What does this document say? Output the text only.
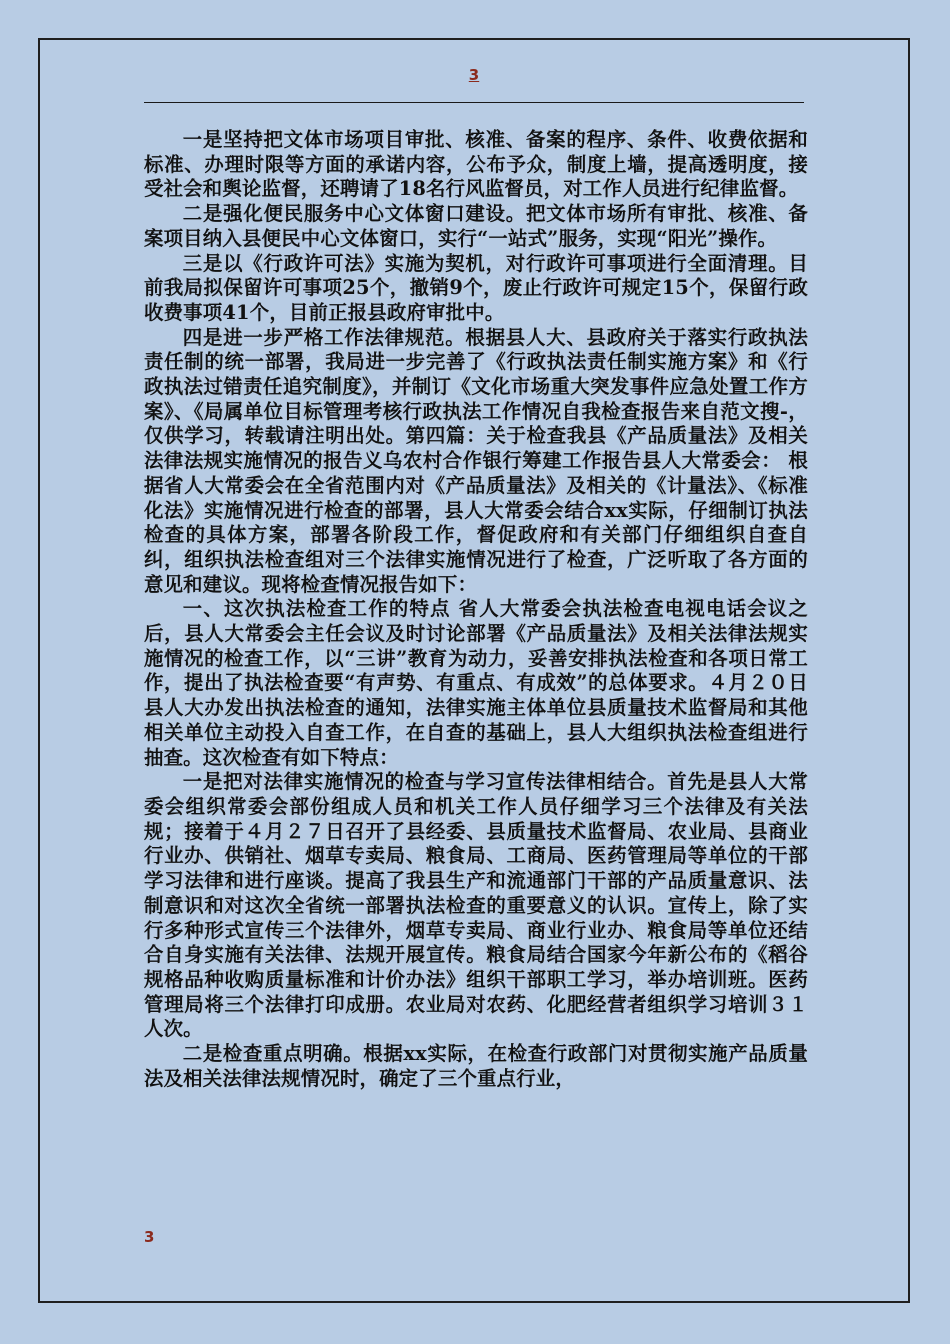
3

一是坚持把文体市场项目审批、核准、备案的程序、条件、收费依据和标准、办理时限等方面的承诺内容，公布予众，制度上墙，提高透明度，接受社会和舆论监督，还聘请了18名行风监督员，对工作人员进行纪律监督。

二是强化便民服务中心文体窗口建设。把文体市场所有审批、核准、备案项目纳入县便民中心文体窗口，实行“一站式”服务，实现“阳光”操作。

三是以《行政许可法》实施为契机，对行政许可事项进行全面清理。目前我局拟保留许可事项25个，撤销9个，废止行政许可规定15个，保留行政收费事项41个，目前正报县政府审批中。

四是进一步严格工作法律规范。根据县人大、县政府关于落实行政执法责任制的统一部署，我局进一步完善了《行政执法责任制实施方案》和《行政执法过错责任追究制度》，并制订《文化市场重大突发事件应急处置工作方案》、《局属单位目标管理考核行政执法工作情况自我检查报告来自范文搜-，仅供学习，转载请注明出处。第四篇：关于检查我县《产品质量法》及相关法律法规实施情况的报告义乌农村合作银行筹建工作报告县人大常委会： 根据省人大常委会在全省范围内对《产品质量法》及相关的《计量法》、《标准化法》实施情况进行检查的部署，县人大常委会结合xx实际，仔细制订执法检查的具体方案，部署各阶段工作，督促政府和有关部门仔细组织自查自纠，组织执法检查组对三个法律实施情况进行了检查，广泛听取了各方面的意见和建议。现将检查情况报告如下：

一、这次执法检查工作的特点 省人大常委会执法检查电视电话会议之后，县人大常委会主任会议及时讨论部署《产品质量法》及相关法律法规实施情况的检查工作，以“三讲”教育为动力，妥善安排执法检查和各项日常工作，提出了执法检查要“有声势、有重点、有成效”的总体要求。４月２０日县人大办发出执法检查的通知，法律实施主体单位县质量技术监督局和其他相关单位主动投入自查工作，在自查的基础上，县人大组织执法检查组进行抽查。这次检查有如下特点：

一是把对法律实施情况的检查与学习宣传法律相结合。首先是县人大常委会组织常委会部份组成人员和机关工作人员仔细学习三个法律及有关法规；接着于４月２７日召开了县经委、县质量技术监督局、农业局、县商业行业办、供销社、烟草专卖局、粮食局、工商局、医药管理局等单位的干部学习法律和进行座谈。提高了我县生产和流通部门干部的产品质量意识、法制意识和对这次全省统一部署执法检查的重要意义的认识。宣传上，除了实行多种形式宣传三个法律外，烟草专卖局、商业行业办、粮食局等单位还结合自身实施有关法律、法规开展宣传。粮食局结合国家今年新公布的《稻谷规格品种收购质量标准和计价办法》组织干部职工学习，举办培训班。医药管理局将三个法律打印成册。农业局对农药、化肥经营者组织学习培训３１人次。

二是检查重点明确。根据xx实际，在检查行政部门对贯彻实施产品质量法及相关法律法规情况时，确定了三个重点行业，

3
